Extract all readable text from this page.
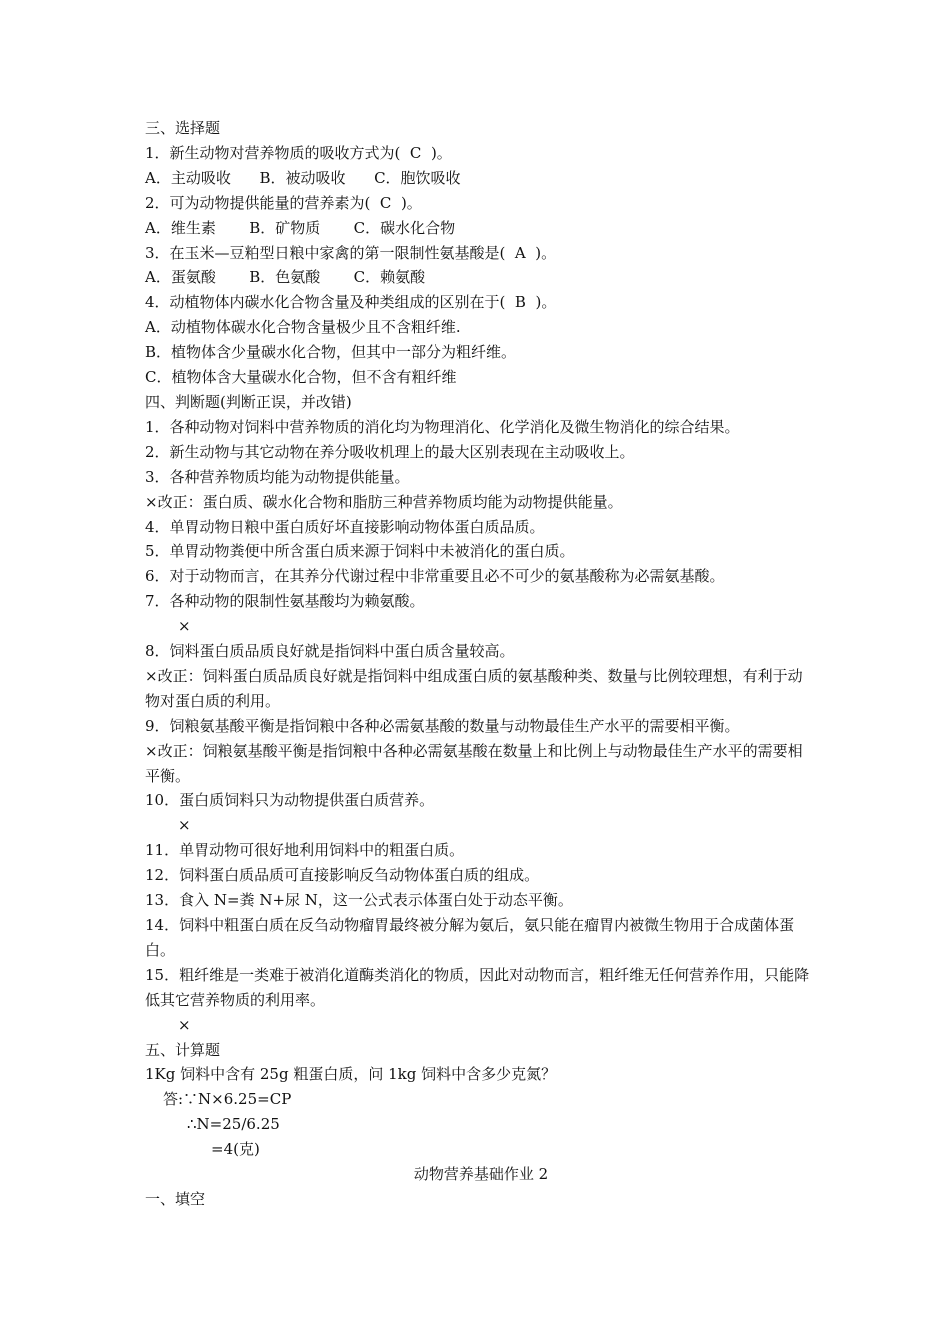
三、选择题
1．新生动物对营养物质的吸收方式为(  C  )。
A．主动吸收      B．被动吸收      C．胞饮吸收
2．可为动物提供能量的营养素为(  C  )。
A．维生素       B．矿物质       C．碳水化合物
3．在玉米—豆粕型日粮中家禽的第一限制性氨基酸是(  A  )。
A．蛋氨酸       B．色氨酸       C．赖氨酸
4．动植物体内碳水化合物含量及种类组成的区别在于(  B  )。
A．动植物体碳水化合物含量极少且不含粗纤维.
B．植物体含少量碳水化合物，但其中一部分为粗纤维。
C．植物体含大量碳水化合物，但不含有粗纤维
四、判断题(判断正误，并改错)
1．各种动物对饲料中营养物质的消化均为物理消化、化学消化及微生物消化的综合结果。
2．新生动物与其它动物在养分吸收机理上的最大区别表现在主动吸收上。
3．各种营养物质均能为动物提供能量。
×改正：蛋白质、碳水化合物和脂肪三种营养物质均能为动物提供能量。
4．单胃动物日粮中蛋白质好坏直接影响动物体蛋白质品质。
5．单胃动物粪便中所含蛋白质来源于饲料中未被消化的蛋白质。
6．对于动物而言，在其养分代谢过程中非常重要且必不可少的氨基酸称为必需氨基酸。
7．各种动物的限制性氨基酸均为赖氨酸。
×
8．饲料蛋白质品质良好就是指饲料中蛋白质含量较高。
×改正：饲料蛋白质品质良好就是指饲料中组成蛋白质的氨基酸种类、数量与比例较理想，有利于动物对蛋白质的利用。
9．饲粮氨基酸平衡是指饲粮中各种必需氨基酸的数量与动物最佳生产水平的需要相平衡。
×改正：饲粮氨基酸平衡是指饲粮中各种必需氨基酸在数量上和比例上与动物最佳生产水平的需要相平衡。
10．蛋白质饲料只为动物提供蛋白质营养。
×
11．单胃动物可很好地利用饲料中的粗蛋白质。
12．饲料蛋白质品质可直接影响反刍动物体蛋白质的组成。
13．食入 N=粪 N+尿 N，这一公式表示体蛋白处于动态平衡。
14．饲料中粗蛋白质在反刍动物瘤胃最终被分解为氨后，氨只能在瘤胃内被微生物用于合成菌体蛋白。
15．粗纤维是一类难于被消化道酶类消化的物质，因此对动物而言，粗纤维无任何营养作用，只能降低其它营养物质的利用率。
×
五、计算题
1Kg 饲料中含有 25g 粗蛋白质，问 1kg 饲料中含多少克氮？
答:∵N×6.25=CP
∴N=25/6.25
=4(克)
动物营养基础作业 2
一、填空
